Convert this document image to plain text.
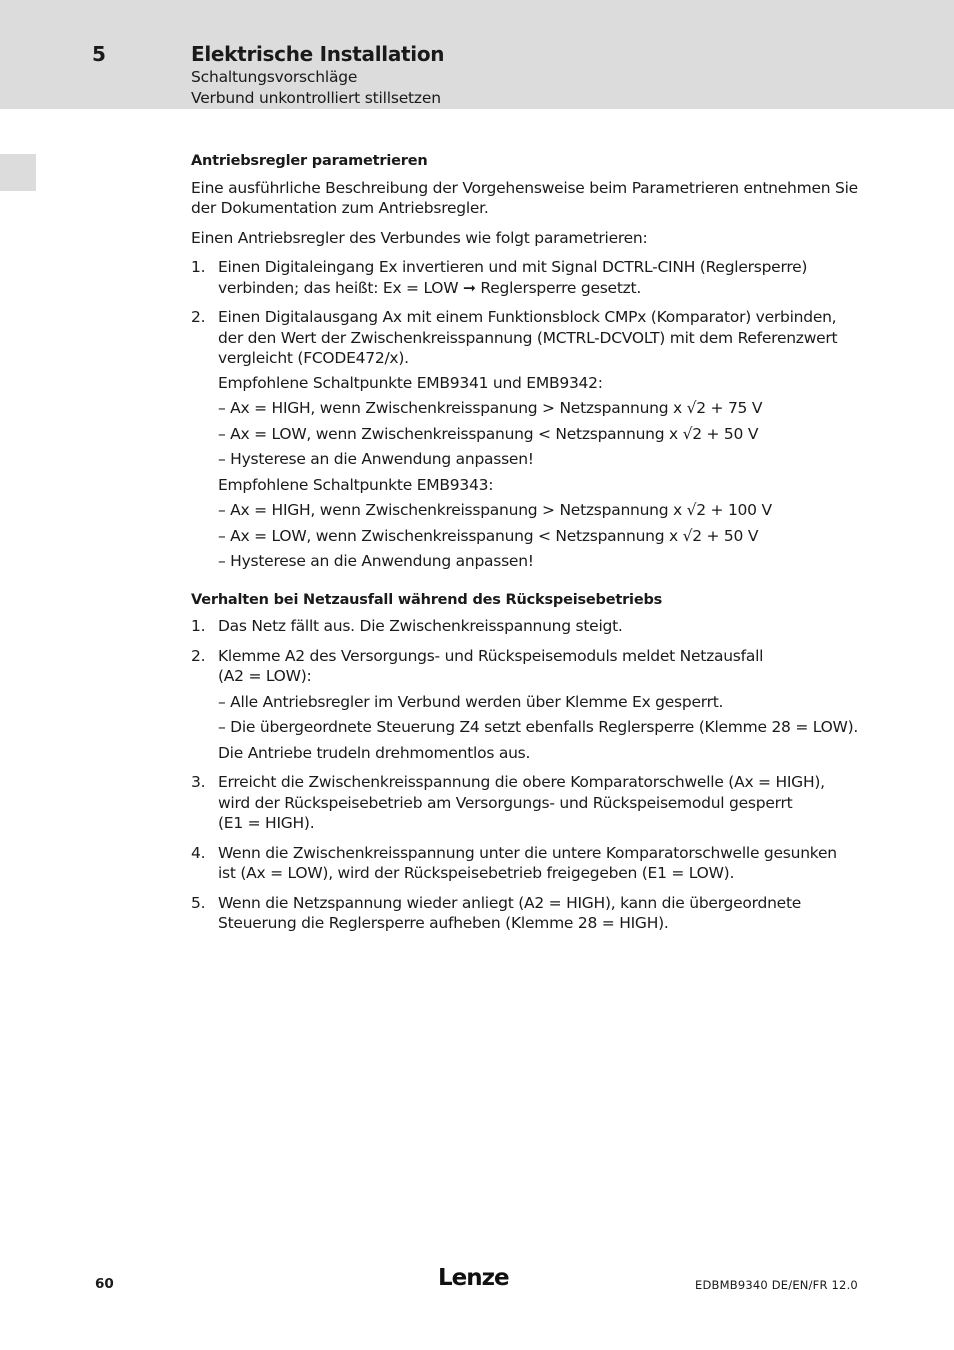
5	Elektrische Installation
Schaltungsvorschläge
Verbund unkontrolliert stillsetzen
Antriebsregler parametrieren
Eine ausführliche Beschreibung der Vorgehensweise beim Parametrieren entnehmen Sie
der Dokumentation zum Antriebsregler.
Einen Antriebsregler des Verbundes wie folgt parametrieren:
1. Einen Digitaleingang Ex invertieren und mit Signal DCTRL-CINH (Reglersperre)
verbinden; das heißt: Ex = LOW ➞ Reglersperre gesetzt.
2. Einen Digitalausgang Ax mit einem Funktionsblock CMPx (Komparator) verbinden,
der den Wert der Zwischenkreisspannung (MCTRL-DCVOLT) mit dem Referenzwert
vergleicht (FCODE472/x).
Empfohlene Schaltpunkte EMB9341 und EMB9342:
– Ax = HIGH, wenn Zwischenkreisspanung > Netzspannung x √2 + 75 V
– Ax = LOW, wenn Zwischenkreisspanung < Netzspannung x √2 + 50 V
– Hysterese an die Anwendung anpassen!
Empfohlene Schaltpunkte EMB9343:
– Ax = HIGH, wenn Zwischenkreisspanung > Netzspannung x √2 + 100 V
– Ax = LOW, wenn Zwischenkreisspanung < Netzspannung x √2 + 50 V
– Hysterese an die Anwendung anpassen!
Verhalten bei Netzausfall während des Rückspeisebetriebs
1. Das Netz fällt aus. Die Zwischenkreisspannung steigt.
2. Klemme A2 des Versorgungs- und Rückspeisemoduls meldet Netzausfall
(A2 = LOW):
– Alle Antriebsregler im Verbund werden über Klemme Ex gesperrt.
– Die übergeordnete Steuerung Z4 setzt ebenfalls Reglersperre (Klemme 28 = LOW).
Die Antriebe trudeln drehmomentlos aus.
3. Erreicht die Zwischenkreisspannung die obere Komparatorschwelle (Ax = HIGH),
wird der Rückspeisebetrieb am Versorgungs- und Rückspeisemodul gesperrt
(E1 = HIGH).
4. Wenn die Zwischenkreisspannung unter die untere Komparatorschwelle gesunken
ist (Ax = LOW), wird der Rückspeisebetrieb freigegeben (E1 = LOW).
5. Wenn die Netzspannung wieder anliegt (A2 = HIGH), kann die übergeordnete
Steuerung die Reglersperre aufheben (Klemme 28 = HIGH).
60	Lenze	EDBMB9340 DE/EN/FR 12.0
